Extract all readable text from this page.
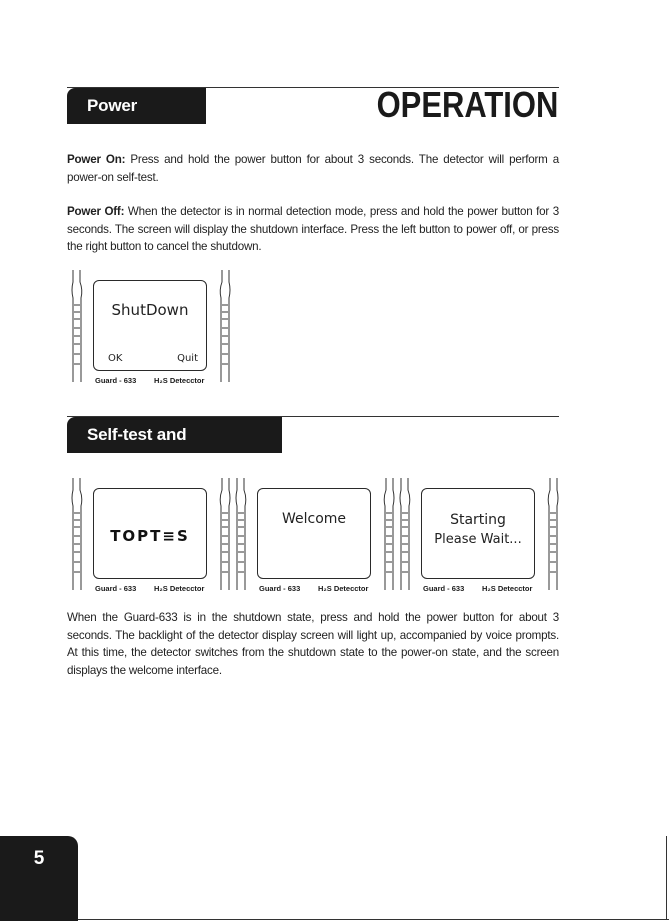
Power On/Off
OPERATION
Power On: Press and hold the power button for about 3 seconds. The detector will perform a power-on self-test.
Power Off: When the detector is in normal detection mode, press and hold the power button for 3 seconds. The screen will display the shutdown interface. Press the left button to power off, or press the right button to cancel the shutdown.
ShutDown
OK	Quit
Guard - 633 H₂S Detecctor
Self-test and Preheating
TOPT≡S
Guard - 633 H₂S Detecctor
Welcome
Guard - 633 H₂S Detecctor
Starting
Please Wait...
Guard - 633 H₂S Detecctor
When the Guard-633 is in the shutdown state, press and hold the power button for about 3 seconds. The backlight of the detector display screen will light up, accompanied by voice prompts. At this time, the detector switches from the shutdown state to the power-on state, and the screen displays the welcome interface.
5
